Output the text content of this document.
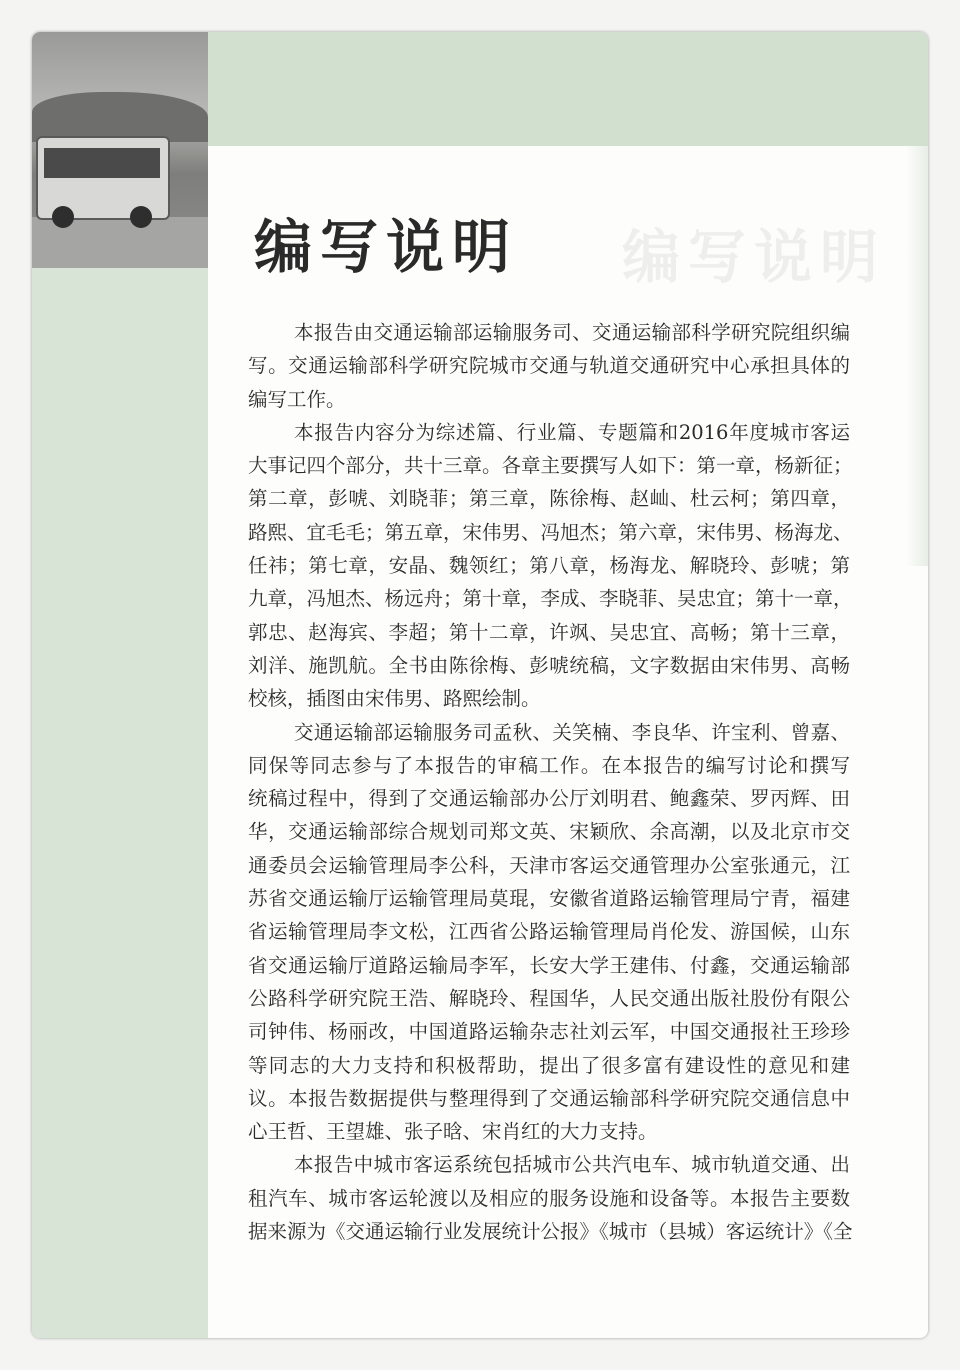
编写说明
编写说明
本报告由交通运输部运输服务司、交通运输部科学研究院组织编
写。交通运输部科学研究院城市交通与轨道交通研究中心承担具体的
编写工作。
本报告内容分为综述篇、行业篇、专题篇和2016年度城市客运
大事记四个部分，共十三章。各章主要撰写人如下：第一章，杨新征；
第二章，彭唬、刘晓菲；第三章，陈徐梅、赵屾、杜云柯；第四章，
路熙、宜毛毛；第五章，宋伟男、冯旭杰；第六章，宋伟男、杨海龙、
任祎；第七章，安晶、魏领红；第八章，杨海龙、解晓玲、彭唬；第
九章，冯旭杰、杨远舟；第十章，李成、李晓菲、吴忠宜；第十一章，
郭忠、赵海宾、李超；第十二章，许飒、吴忠宜、高畅；第十三章，
刘洋、施凯航。全书由陈徐梅、彭唬统稿，文字数据由宋伟男、高畅
校核，插图由宋伟男、路熙绘制。
交通运输部运输服务司孟秋、关笑楠、李良华、许宝利、曾嘉、
同保等同志参与了本报告的审稿工作。在本报告的编写讨论和撰写
统稿过程中，得到了交通运输部办公厅刘明君、鲍鑫荣、罗丙辉、田
华，交通运输部综合规划司郑文英、宋颖欣、余高潮，以及北京市交
通委员会运输管理局李公科，天津市客运交通管理办公室张通元，江
苏省交通运输厅运输管理局莫琨，安徽省道路运输管理局宁青，福建
省运输管理局李文松，江西省公路运输管理局肖伦发、游国候，山东
省交通运输厅道路运输局李军，长安大学王建伟、付鑫，交通运输部
公路科学研究院王浩、解晓玲、程国华，人民交通出版社股份有限公
司钟伟、杨丽改，中国道路运输杂志社刘云军，中国交通报社王珍珍
等同志的大力支持和积极帮助，提出了很多富有建设性的意见和建
议。本报告数据提供与整理得到了交通运输部科学研究院交通信息中
心王哲、王望雄、张子晗、宋肖红的大力支持。
本报告中城市客运系统包括城市公共汽电车、城市轨道交通、出
租汽车、城市客运轮渡以及相应的服务设施和设备等。本报告主要数
据来源为《交通运输行业发展统计公报》《城市（县城）客运统计》《全
